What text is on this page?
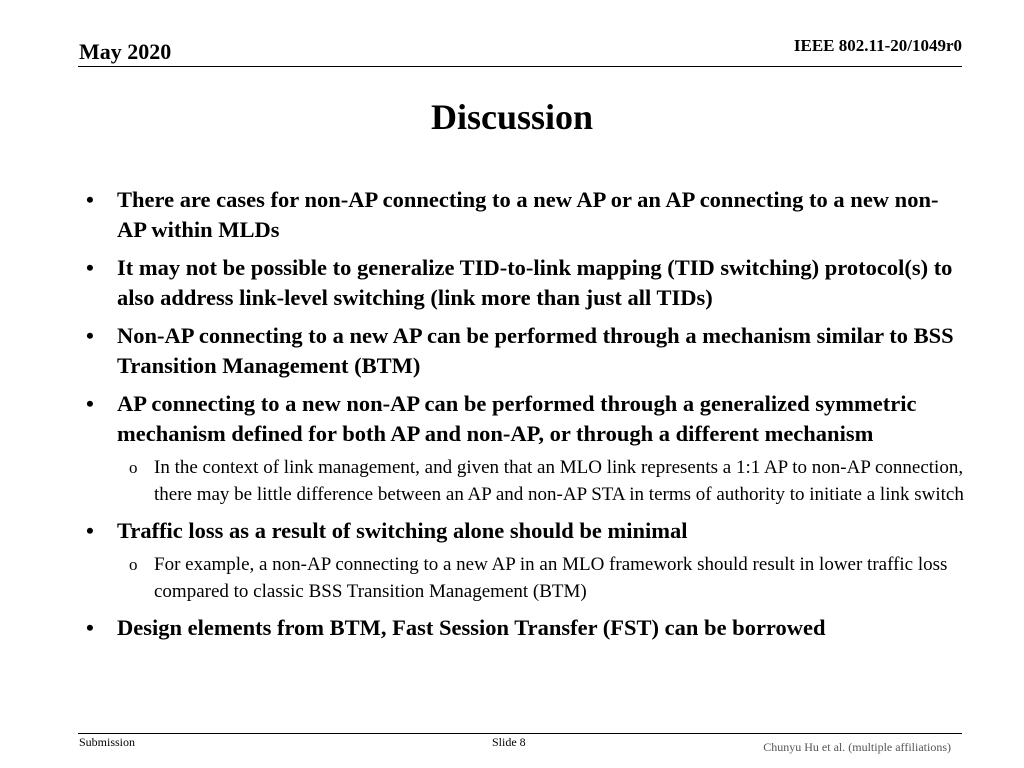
May 2020	IEEE 802.11-20/1049r0
Discussion
• There are cases for non-AP connecting to a new AP or an AP connecting to a new non-AP within MLDs
• It may not be possible to generalize TID-to-link mapping (TID switching) protocol(s) to also address link-level switching (link more than just all TIDs)
• Non-AP connecting to a new AP can be performed through a mechanism similar to BSS Transition Management (BTM)
• AP connecting to a new non-AP can be performed through a generalized symmetric mechanism defined for both AP and non-AP, or through a different mechanism
o In the context of link management, and given that an MLO link represents a 1:1 AP to non-AP connection, there may be little difference between an AP and non-AP STA in terms of authority to initiate a link switch
• Traffic loss as a result of switching alone should be minimal
o For example, a non-AP connecting to a new AP in an MLO framework should result in lower traffic loss compared to classic BSS Transition Management (BTM)
• Design elements from BTM, Fast Session Transfer (FST) can be borrowed
Submission	Slide 8	Chunyu Hu et al. (multiple affiliations)
